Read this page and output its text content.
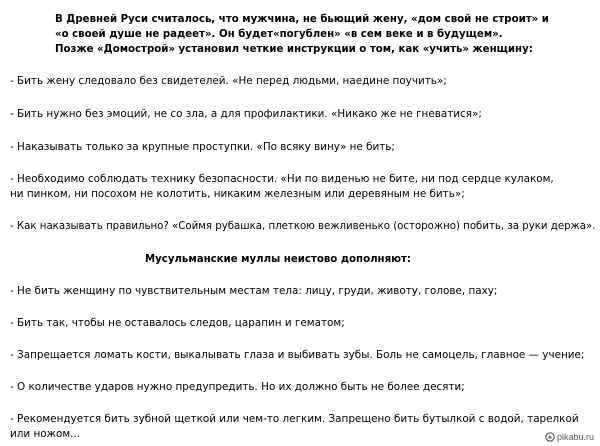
В Древней Руси считалось, что мужчина, не бьющий жену, «дом свой не строит» и
«о своей душе не радеет». Он будет«погублен» «в сем веке и в будущем».
Позже «Домострой» установил четкие инструкции о том, как «учить» женщину:
- Бить жену следовало без свидетелей. «Не перед людьми, наедине поучить»;
- Бить нужно без эмоций, не со зла, а для профилактики. «Никако же не гневатися»;
- Наказывать только за крупные проступки. «По всяку вину» не бить;
- Необходимо соблюдать технику безопасности. «Ни по виденью не бите, ни под сердце кулаком,
ни пинком, ни посохом не колотить, никаким железным или деревяным не бить»;
- Как наказывать правильно? «Соймя рубашка, плеткою вежливенько (осторожно) побить, за руки держа».
Мусульманские муллы неистово дополняют:
- Не бить женщину по чувствительным местам тела: лицу, груди, животу, голове, паху;
- Бить так, чтобы не оставалось следов, царапин и гематом;
- Запрещается ломать кости, выкалывать глаза и выбивать зубы. Боль не самоцель, главное — учение;
- О количестве ударов нужно предупредить. Но их должно быть не более десяти;
- Рекомендуется бить зубной щеткой или чем-то легким. Запрещено бить бутылкой с водой, тарелкой
или ножом...	pikabu.ru
